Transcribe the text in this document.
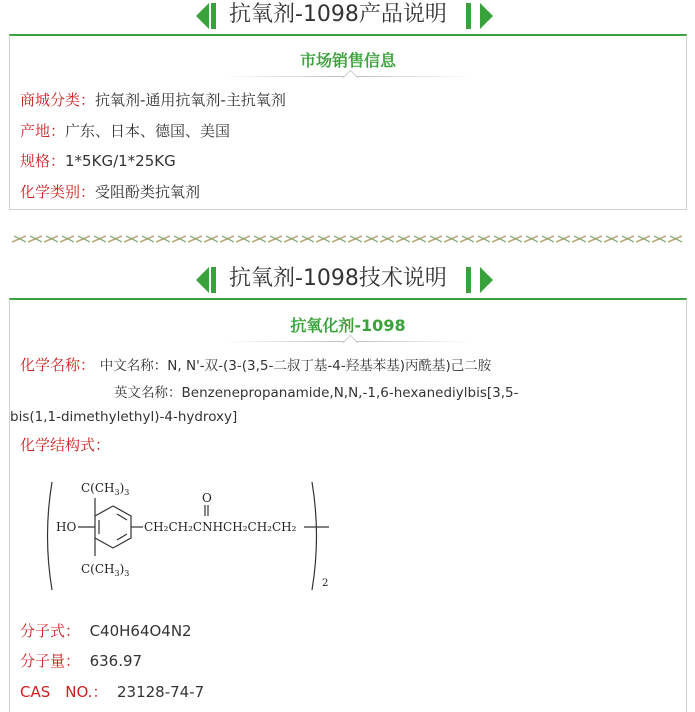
抗氧剂-1098产品说明
市场销售信息
商城分类：抗氧剂-通用抗氧剂-主抗氧剂
产地：广东、日本、德国、美国
规格：1*5KG/1*25KG
化学类别：受阻酚类抗氧剂
抗氧剂-1098技术说明
抗氧化剂-1098
化学名称： 中文名称：N, N'-双-(3-(3,5-二叔丁基-4-羟基苯基)丙酰基)己二胺
英文名称：Benzenepropanamide,N,N,-1,6-hexanediylbis[3,5-
bis(1,1-dimethylethyl)-4-hydroxy]
化学结构式：
$C(CH_3)_3$
$C(CH_3)_3$
HO
O
CH₂CH₂CNHCH₂CH₂CH₂
2
分子式： C40H64O4N2
分子量： 636.97
CAS　NO.： 23128-74-7
